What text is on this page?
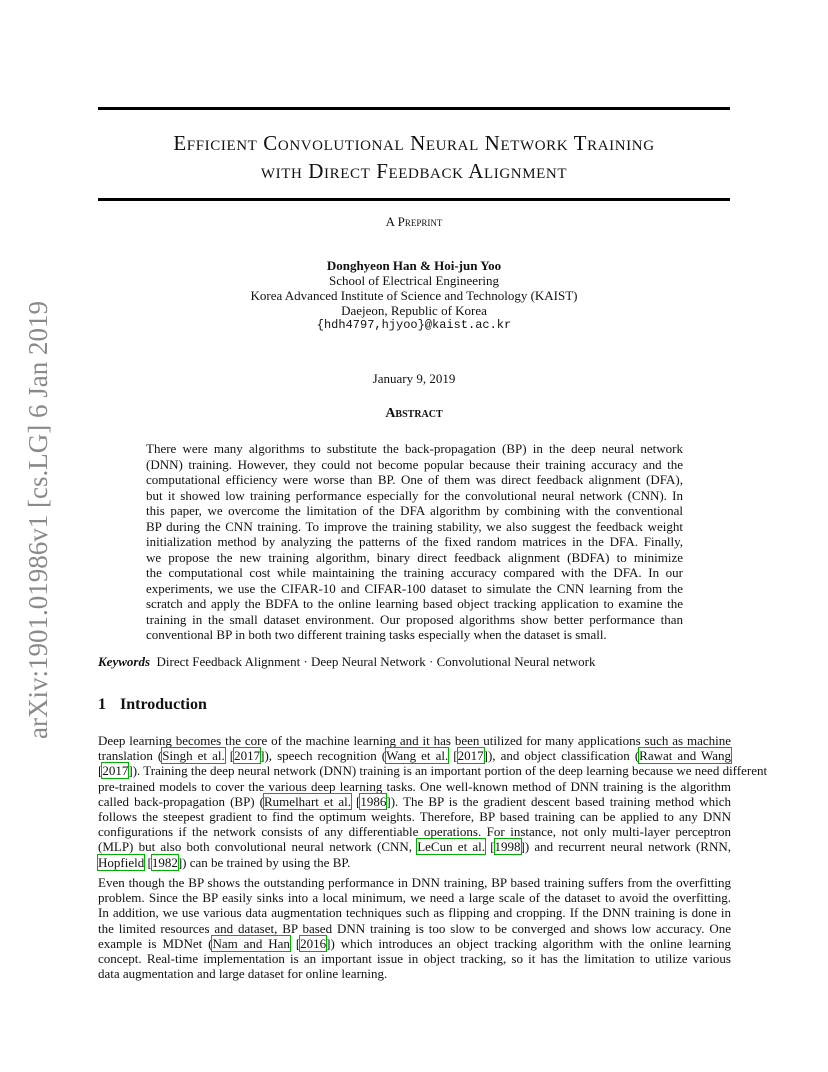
arXiv:1901.01986v1 [cs.LG] 6 Jan 2019
Efficient Convolutional Neural Network Training
with Direct Feedback Alignment
A Preprint
Donghyeon Han & Hoi-jun Yoo
School of Electrical Engineering
Korea Advanced Institute of Science and Technology (KAIST)
Daejeon, Republic of Korea
{hdh4797,hjyoo}@kaist.ac.kr
January 9, 2019
Abstract
There were many algorithms to substitute the back-propagation (BP) in the deep neural network
(DNN) training. However, they could not become popular because their training accuracy and the
computational efficiency were worse than BP. One of them was direct feedback alignment (DFA),
but it showed low training performance especially for the convolutional neural network (CNN). In
this paper, we overcome the limitation of the DFA algorithm by combining with the conventional
BP during the CNN training. To improve the training stability, we also suggest the feedback weight
initialization method by analyzing the patterns of the fixed random matrices in the DFA. Finally,
we propose the new training algorithm, binary direct feedback alignment (BDFA) to minimize
the computational cost while maintaining the training accuracy compared with the DFA. In our
experiments, we use the CIFAR-10 and CIFAR-100 dataset to simulate the CNN learning from the
scratch and apply the BDFA to the online learning based object tracking application to examine the
training in the small dataset environment. Our proposed algorithms show better performance than
conventional BP in both two different training tasks especially when the dataset is small.
Keywords Direct Feedback Alignment · Deep Neural Network · Convolutional Neural network
1 Introduction
Deep learning becomes the core of the machine learning and it has been utilized for many applications such as machine
translation (Singh et al. [2017]), speech recognition (Wang et al. [2017]), and object classification (Rawat and Wang
[2017]). Training the deep neural network (DNN) training is an important portion of the deep learning because we need different
pre-trained models to cover the various deep learning tasks. One well-known method of DNN training is the algorithm
called back-propagation (BP) (Rumelhart et al. [1986]). The BP is the gradient descent based training method which
follows the steepest gradient to find the optimum weights. Therefore, BP based training can be applied to any DNN
configurations if the network consists of any differentiable operations. For instance, not only multi-layer perceptron
(MLP) but also both convolutional neural network (CNN, LeCun et al. [1998]) and recurrent neural network (RNN,
Hopfield [1982]) can be trained by using the BP.
Even though the BP shows the outstanding performance in DNN training, BP based training suffers from the overfitting
problem. Since the BP easily sinks into a local minimum, we need a large scale of the dataset to avoid the overfitting.
In addition, we use various data augmentation techniques such as flipping and cropping. If the DNN training is done in
the limited resources and dataset, BP based DNN training is too slow to be converged and shows low accuracy. One
example is MDNet (Nam and Han [2016]) which introduces an object tracking algorithm with the online learning
concept. Real-time implementation is an important issue in object tracking, so it has the limitation to utilize various
data augmentation and large dataset for online learning.
